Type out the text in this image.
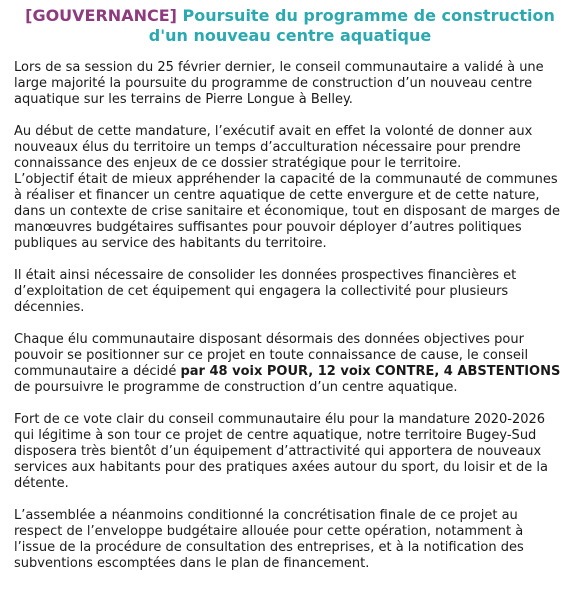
[GOUVERNANCE] Poursuite du programme de construction d'un nouveau centre aquatique

Lors de sa session du 25 février dernier, le conseil communautaire a validé à une large majorité la poursuite du programme de construction d’un nouveau centre aquatique sur les terrains de Pierre Longue à Belley.

Au début de cette mandature, l’exécutif avait en effet la volonté de donner aux nouveaux élus du territoire un temps d’acculturation nécessaire pour prendre connaissance des enjeux de ce dossier stratégique pour le territoire.

L’objectif était de mieux appréhender la capacité de la communauté de communes à réaliser et financer un centre aquatique de cette envergure et de cette nature, dans un contexte de crise sanitaire et économique, tout en disposant de marges de manœuvres budgétaires suffisantes pour pouvoir déployer d’autres politiques publiques au service des habitants du territoire.

Il était ainsi nécessaire de consolider les données prospectives financières et d’exploitation de cet équipement qui engagera la collectivité pour plusieurs décennies.

Chaque élu communautaire disposant désormais des données objectives pour pouvoir se positionner sur ce projet en toute connaissance de cause, le conseil communautaire a décidé par 48 voix POUR, 12 voix CONTRE, 4 ABSTENTIONS de poursuivre le programme de construction d’un centre aquatique.

Fort de ce vote clair du conseil communautaire élu pour la mandature 2020-2026 qui légitime à son tour ce projet de centre aquatique, notre territoire Bugey-Sud disposera très bientôt d’un équipement d’attractivité qui apportera de nouveaux services aux habitants pour des pratiques axées autour du sport, du loisir et de la détente.

L’assemblée a néanmoins conditionné la concrétisation finale de ce projet au respect de l’enveloppe budgétaire allouée pour cette opération, notamment à l’issue de la procédure de consultation des entreprises, et à la notification des subventions escomptées dans le plan de financement.
